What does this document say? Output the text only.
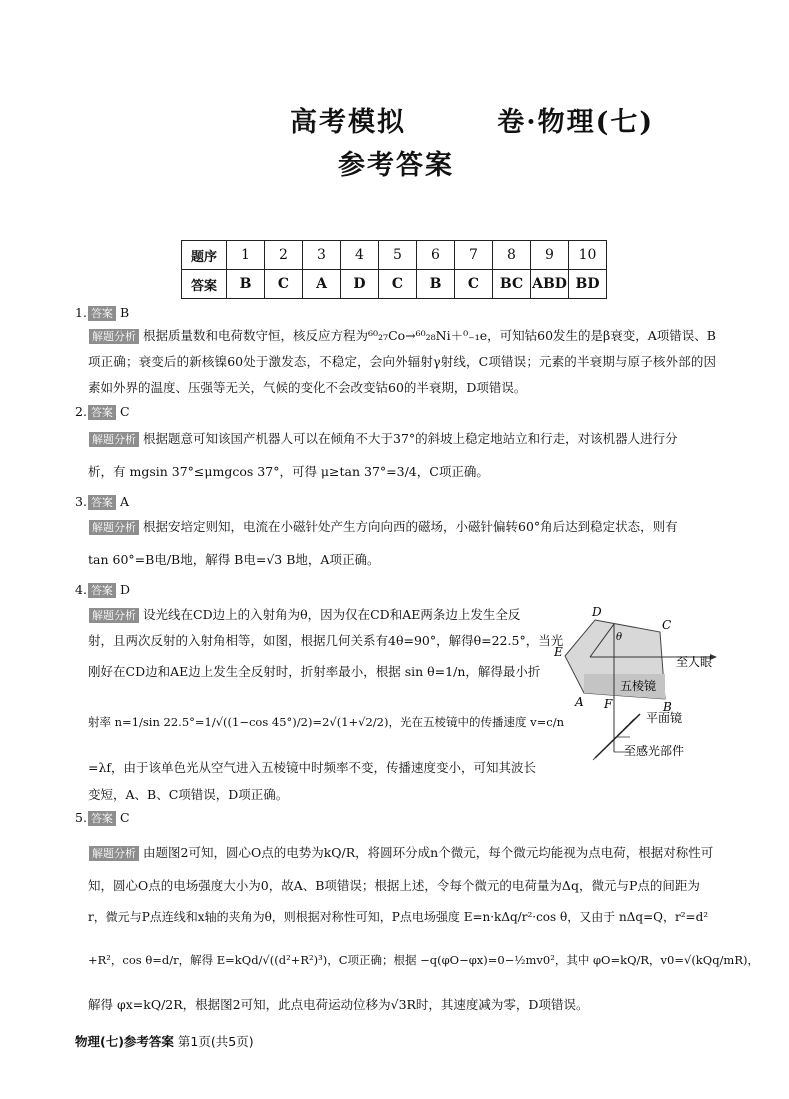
高考模拟        卷·物理(七)
参考答案
题序	1	2	3	4	5	6	7	8	9	10
答案	B	C	A	D	C	B	C	BC	ABD	BD
1. 答案 B
解题分析 根据质量数和电荷数守恒，核反应方程为⁶⁰₂₇Co→⁶⁰₂₈Ni＋⁰₋₁e，可知钴60发生的是β衰变，A项错误、B项正确；衰变后的新核镍60处于激发态，不稳定，会向外辐射γ射线，C项错误；元素的半衰期与原子核外部的因素如外界的温度、压强等无关，气候的变化不会改变钴60的半衰期，D项错误。
2. 答案 C
解题分析 根据题意可知该国产机器人可以在倾角不大于37°的斜坡上稳定地站立和行走，对该机器人进行分
析，有 mgsin 37°≤μmgcos 37°，可得 μ≥tan 37°=3/4，C项正确。
3. 答案 A
解题分析 根据安培定则知，电流在小磁针处产生方向向西的磁场，小磁针偏转60°角后达到稳定状态，则有
tan 60°=B电/B地，解得 B电=√3 B地，A项正确。
4. 答案 D
解题分析 设光线在CD边上的入射角为θ，因为仅在CD和AE两条边上发生全反
射，且两次反射的入射角相等，如图，根据几何关系有4θ=90°，解得θ=22.5°，当光
刚好在CD边和AE边上发生全反射时，折射率最小，根据 sin θ=1/n，解得最小折
射率 n=1/sin 22.5°=1/√((1−cos 45°)/2)=2√(1+√2/2)，光在五棱镜中的传播速度 v=c/n
=λf，由于该单色光从空气进入五棱镜中时频率不变，传播速度变小，可知其波长
变短，A、B、C项错误，D项正确。
D
C
E
A	B
F
θ
至人眼
五棱镜
平面镜
至感光部件
5. 答案 C
解题分析 由题图2可知，圆心O点的电势为kQ/R，将圆环分成n个微元，每个微元均能视为点电荷，根据对称性可
知，圆心O点的电场强度大小为0，故A、B项错误；根据上述，令每个微元的电荷量为Δq，微元与P点的间距为
r，微元与P点连线和x轴的夹角为θ，则根据对称性可知，P点电场强度 E=n·kΔq/r²·cos θ，又由于 nΔq=Q，r²=d²
+R²，cos θ=d/r，解得 E=kQd/√((d²+R²)³)，C项正确；根据 −q(φO−φx)=0−½mv0²，其中 φO=kQ/R，v0=√(kQq/mR)，
解得 φx=kQ/2R，根据图2可知，此点电荷运动位移为√3R时，其速度减为零，D项错误。
物理(七)参考答案 第1页(共5页)
